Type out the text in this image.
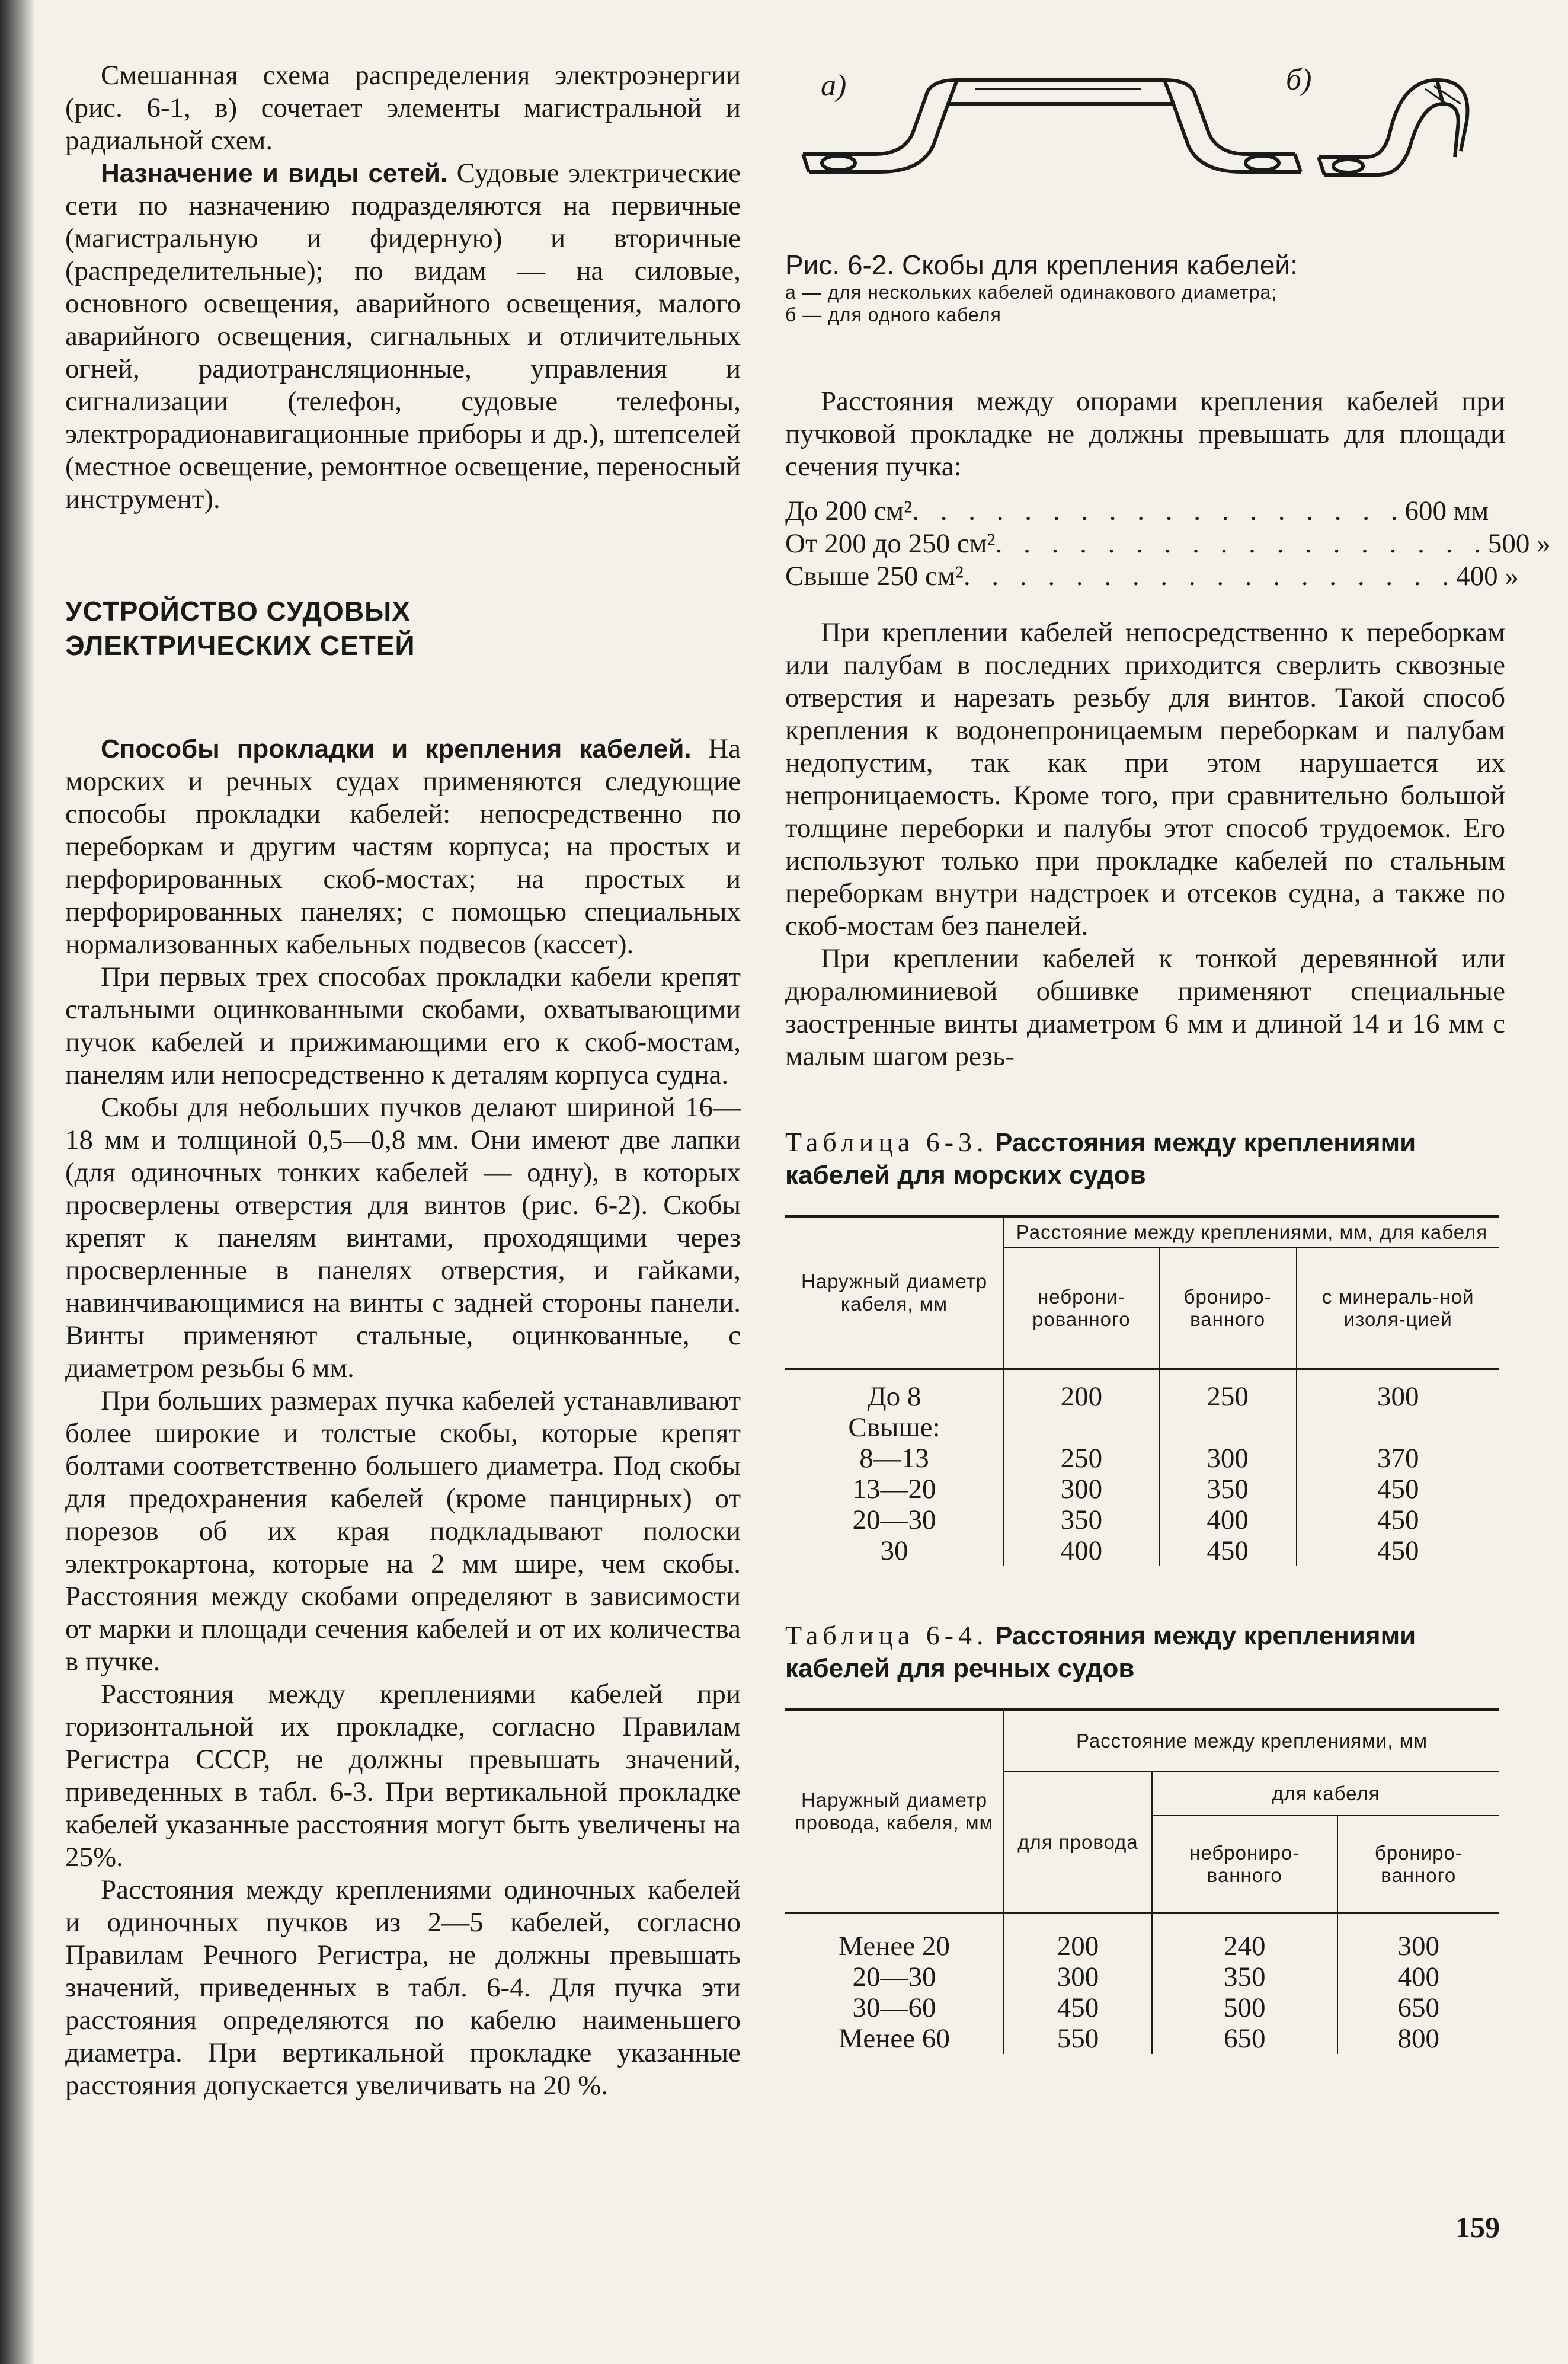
Смешанная схема распределения электроэнергии (рис. 6-1, в) сочетает элементы магистральной и радиальной схем.

Назначение и виды сетей. Судовые электрические сети по назначению подразделяются на первичные (магистральную и фидерную) и вторичные (распределительные); по видам — на силовые, основного освещения, аварийного освещения, малого аварийного освещения, сигнальных и отличительных огней, радиотрансляционные, управления и сигнализации (телефон, судовые телефоны, электрорадионавигационные приборы и др.), штепселей (местное освещение, ремонтное освещение, переносный инструмент).

УСТРОЙСТВО СУДОВЫХ

ЭЛЕКТРИЧЕСКИХ СЕТЕЙ

Способы прокладки и крепления кабелей. На морских и речных судах применяются следующие способы прокладки кабелей: непосредственно по переборкам и другим частям корпуса; на простых и перфорированных скоб-мостах; на простых и перфорированных панелях; с помощью специальных нормализованных кабельных подвесов (кассет).

При первых трех способах прокладки кабели крепят стальными оцинкованными скобами, охватывающими пучок кабелей и прижимающими его к скоб-мостам, панелям или непосредственно к деталям корпуса судна.

Скобы для небольших пучков делают шириной 16—18 мм и толщиной 0,5—0,8 мм. Они имеют две лапки (для одиночных тонких кабелей — одну), в которых просверлены отверстия для винтов (рис. 6-2). Скобы крепят к панелям винтами, проходящими через просверленные в панелях отверстия, и гайками, навинчивающимися на винты с задней стороны панели. Винты применяют стальные, оцинкованные, с диаметром резьбы 6 мм.

При больших размерах пучка кабелей устанавливают более широкие и толстые скобы, которые крепят болтами соответственно большего диаметра. Под скобы для предохранения кабелей (кроме панцирных) от порезов об их края подкладывают полоски электрокартона, которые на 2 мм шире, чем скобы. Расстояния между скобами определяют в зависимости от марки и площади сечения кабелей и от их количества в пучке.

Расстояния между креплениями кабелей при горизонтальной их прокладке, согласно Правилам Регистра СССР, не должны превышать значений, приведенных в табл. 6-3. При вертикальной прокладке кабелей указанные расстояния могут быть увеличены на 25%.

Расстояния между креплениями одиночных кабелей и одиночных пучков из 2—5 кабелей, согласно Правилам Речного Регистра, не должны превышать значений, приведенных в табл. 6-4. Для пучка эти расстояния определяются по кабелю наименьшего диаметра. При вертикальной прокладке указанные расстояния допускается увеличивать на 20 %.

а)	б)

Рис. 6-2. Скобы для крепления кабелей:

а — для нескольких кабелей одинакового диаметра;

б — для одного кабеля

Расстояния между опорами крепления кабелей при пучковой прокладке не должны превышать для площади сечения пучка:

До 200 см² . . . . . . . . . . . . . . . . . . 600 мм
От 200 до 250 см² . . . . . . . . . . . . . . . . . . 500 »
Свыше 250 см² . . . . . . . . . . . . . . . . . . 400 »

При креплении кабелей непосредственно к переборкам или палубам в последних приходится сверлить сквозные отверстия и нарезать резьбу для винтов. Такой способ крепления к водонепроницаемым переборкам и палубам недопустим, так как при этом нарушается их непроницаемость. Кроме того, при сравнительно большой толщине переборки и палубы этот способ трудоемок. Его используют только при прокладке кабелей по стальным переборкам внутри надстроек и отсеков судна, а также по скоб-мостам без панелей.

При креплении кабелей к тонкой деревянной или дюралюминиевой обшивке применяют специальные заостренные винты диаметром 6 мм и длиной 14 и 16 мм с малым шагом резь-

Таблица 6-3. Расстояния между креплениями кабелей для морских судов

Наружный диаметр кабеля, мм	Расстояние между креплениями, мм, для кабеля		
	неброни-рованного	брониро-ванного	с минераль-ной изоля-цией

До 8	200	250	300
Свыше:			
8—13	250	300	370
13—20	300	350	450
20—30	350	400	450
30	400	450	450

Таблица 6-4. Расстояния между креплениями кабелей для речных судов

Наружный диаметр провода, кабеля, мм	Расстояние между креплениями, мм		
	для провода	для кабеля	
		неброниро-ванного	брониро-ванного

Менее 20	200	240	300
20—30	300	350	400
30—60	450	500	650
Менее 60	550	650	800
159
